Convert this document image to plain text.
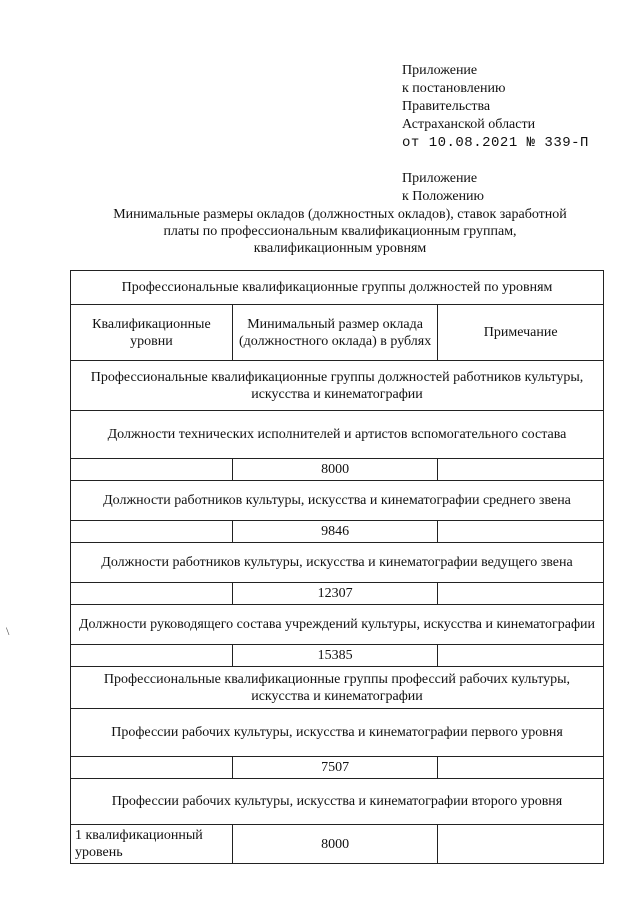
Приложение
к постановлению
Правительства
Астраханской области
от 10.08.2021 № 339-П
Приложение
к Положению
Минимальные размеры окладов (должностных окладов), ставок заработной
платы по профессиональным квалификационным группам,
квалификационным уровням
Профессиональные квалификационные группы должностей по уровням		
Квалификационные уровни	Минимальный размер оклада (должностного оклада) в рублях	Примечание
Профессиональные квалификационные группы должностей работников культуры, искусства и кинематографии		
Должности технических исполнителей и артистов вспомогательного состава		
	8000	
Должности работников культуры, искусства и кинематографии среднего звена		
	9846	
Должности работников культуры, искусства и кинематографии ведущего звена		
	12307	
Должности руководящего состава учреждений культуры, искусства и кинематографии		
	15385	
Профессиональные квалификационные группы профессий рабочих культуры, искусства и кинематографии		
Профессии рабочих культуры, искусства и кинематографии первого уровня		
	7507	
Профессии рабочих культуры, искусства и кинематографии второго уровня		
1 квалификационный уровень	8000	
\
